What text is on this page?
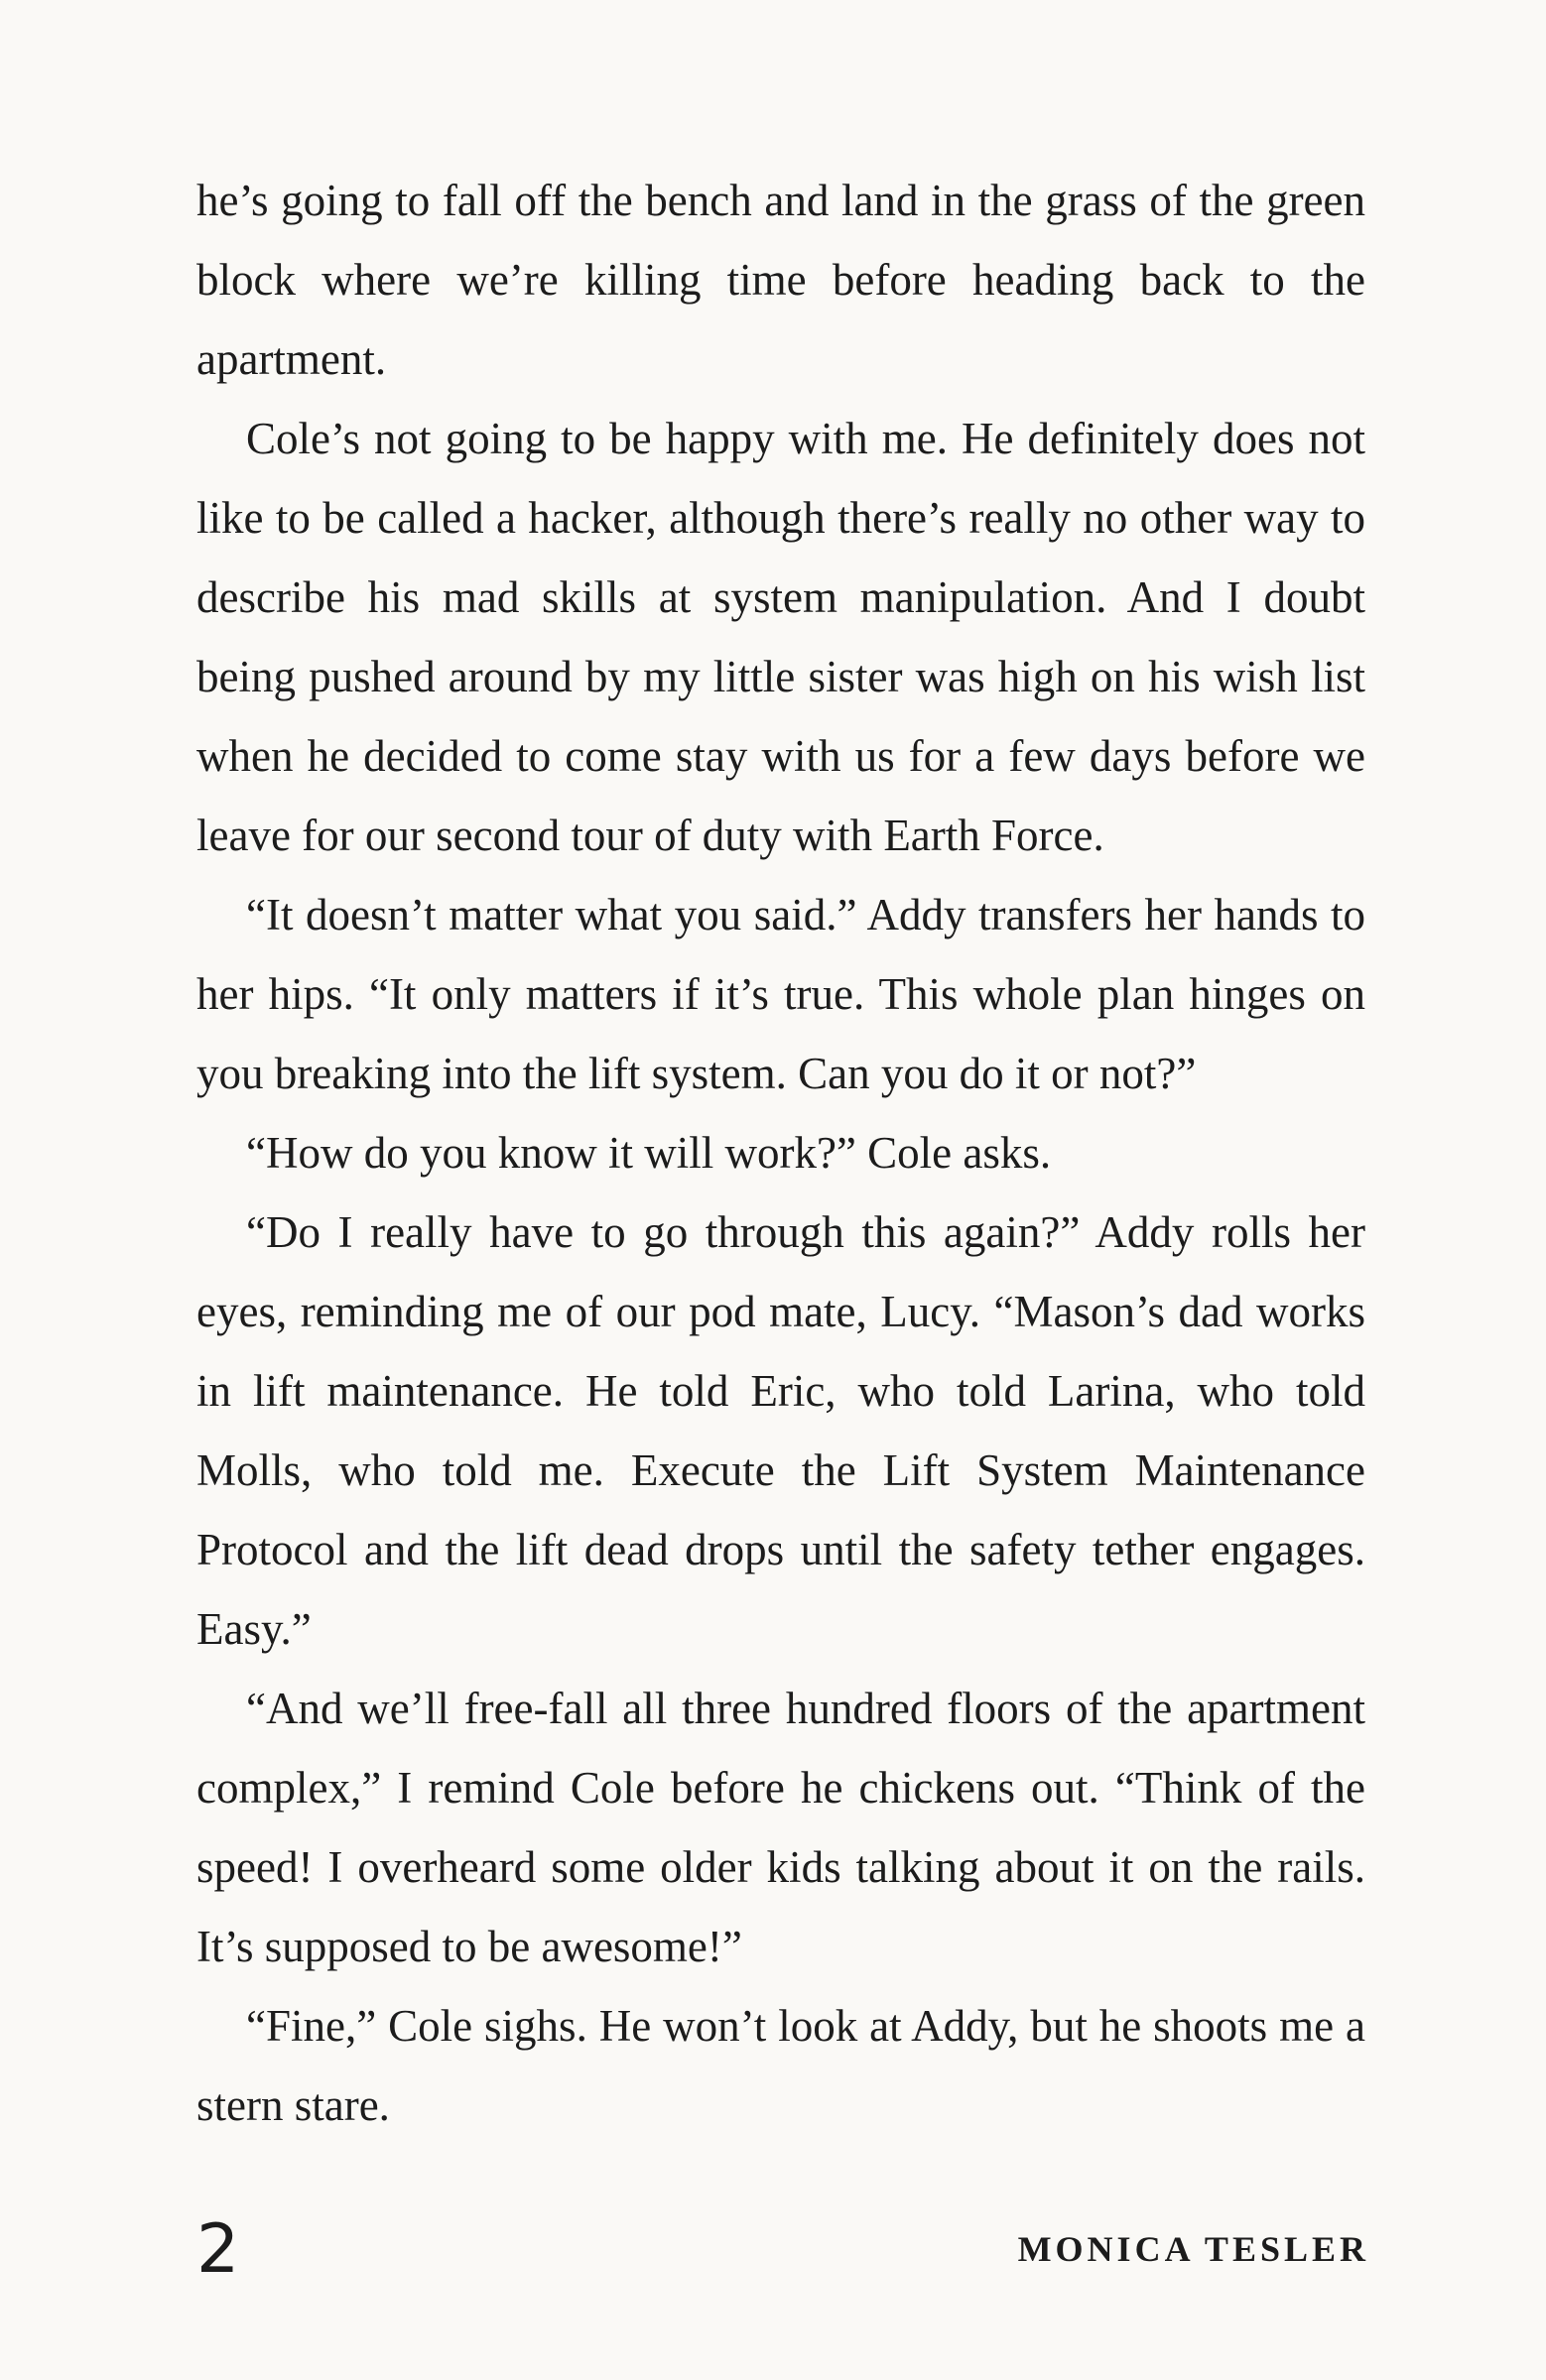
he’s going to fall off the bench and land in the grass of the green block where we’re killing time before heading back to the apartment.

Cole’s not going to be happy with me. He definitely does not like to be called a hacker, although there’s really no other way to describe his mad skills at system manipulation. And I doubt being pushed around by my little sister was high on his wish list when he decided to come stay with us for a few days before we leave for our second tour of duty with Earth Force.

“It doesn’t matter what you said.” Addy transfers her hands to her hips. “It only matters if it’s true. This whole plan hinges on you breaking into the lift system. Can you do it or not?”

“How do you know it will work?” Cole asks.

“Do I really have to go through this again?” Addy rolls her eyes, reminding me of our pod mate, Lucy. “Mason’s dad works in lift maintenance. He told Eric, who told Larina, who told Molls, who told me. Execute the Lift System Maintenance Protocol and the lift dead drops until the safety tether engages. Easy.”

“And we’ll free-fall all three hundred floors of the apartment complex,” I remind Cole before he chickens out. “Think of the speed! I overheard some older kids talking about it on the rails. It’s supposed to be awesome!”

“Fine,” Cole sighs. He won’t look at Addy, but he shoots me a stern stare.

2	MONICA TESLER
